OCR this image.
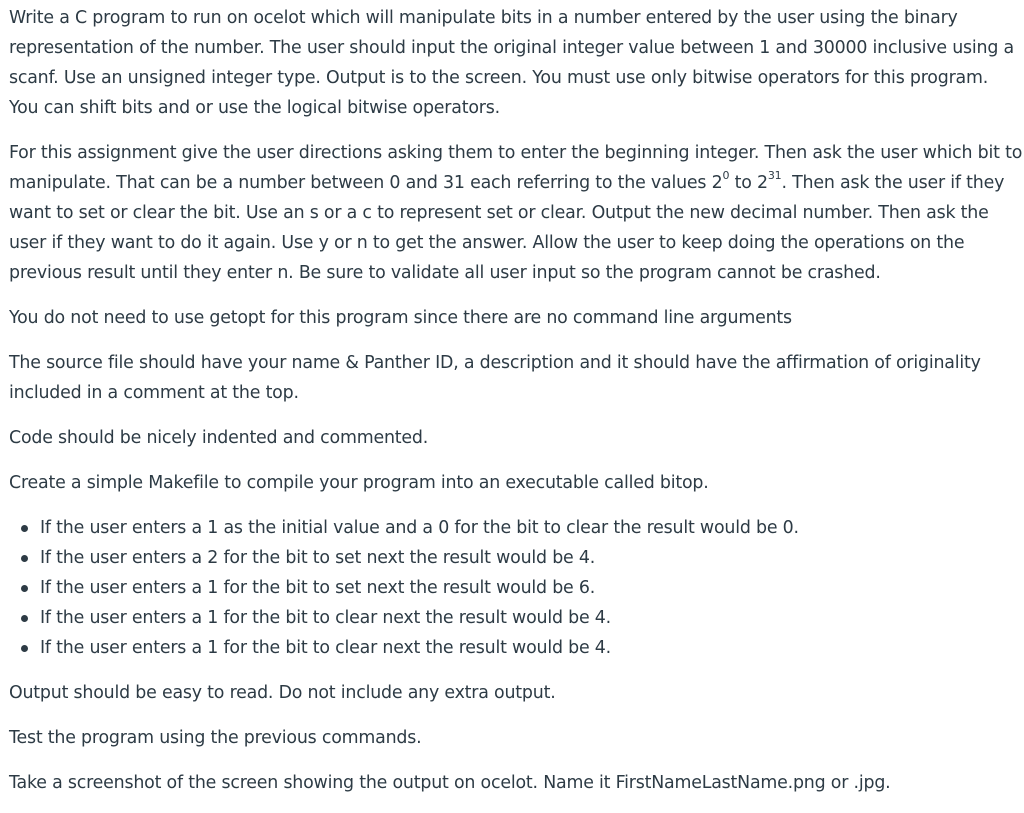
Write a C program to run on ocelot which will manipulate bits in a number entered by the user using the binary
representation of the number. The user should input the original integer value between 1 and 30000 inclusive using a
scanf. Use an unsigned integer type. Output is to the screen. You must use only bitwise operators for this program.
You can shift bits and or use the logical bitwise operators.

For this assignment give the user directions asking them to enter the beginning integer. Then ask the user which bit to
manipulate. That can be a number between 0 and 31 each referring to the values $2^0$ to $2^{31}$. Then ask the user if they
want to set or clear the bit. Use an s or a c to represent set or clear. Output the new decimal number. Then ask the
user if they want to do it again. Use y or n to get the answer. Allow the user to keep doing the operations on the
previous result until they enter n. Be sure to validate all user input so the program cannot be crashed.

You do not need to use getopt for this program since there are no command line arguments

The source file should have your name & Panther ID, a description and it should have the affirmation of originality
included in a comment at the top.

Code should be nicely indented and commented.

Create a simple Makefile to compile your program into an executable called bitop.

If the user enters a 1 as the initial value and a 0 for the bit to clear the result would be 0.
If the user enters a 2 for the bit to set next the result would be 4.
If the user enters a 1 for the bit to set next the result would be 6.
If the user enters a 1 for the bit to clear next the result would be 4.
If the user enters a 1 for the bit to clear next the result would be 4.

Output should be easy to read. Do not include any extra output.

Test the program using the previous commands.

Take a screenshot of the screen showing the output on ocelot. Name it FirstNameLastName.png or .jpg.
